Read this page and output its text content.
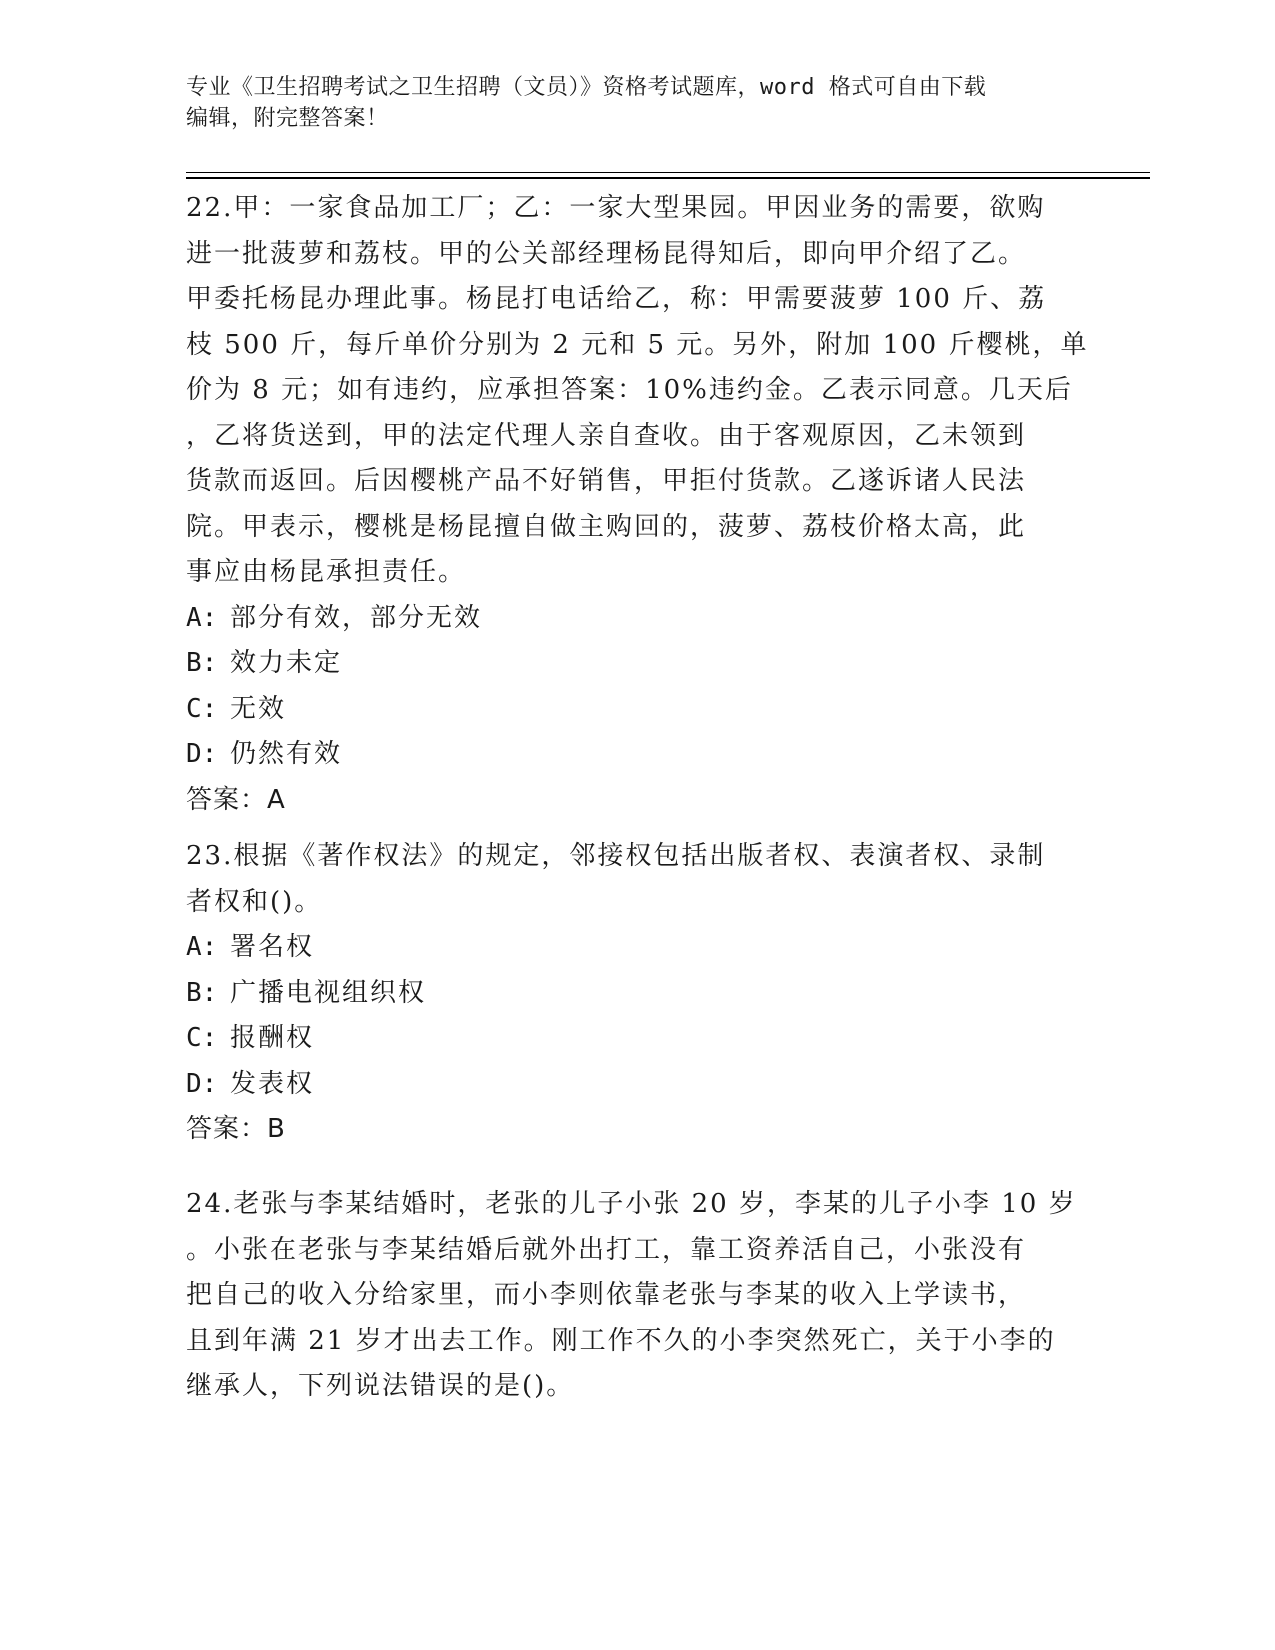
专业《卫生招聘考试之卫生招聘（文员）》资格考试题库，word 格式可自由下载
编辑，附完整答案！
22.甲：一家食品加工厂；乙：一家大型果园。甲因业务的需要，欲购
进一批菠萝和荔枝。甲的公关部经理杨昆得知后，即向甲介绍了乙。
甲委托杨昆办理此事。杨昆打电话给乙，称：甲需要菠萝 100 斤、荔
枝 500 斤，每斤单价分别为 2 元和 5 元。另外，附加 100 斤樱桃，单
价为 8 元；如有违约，应承担答案：10%违约金。乙表示同意。几天后
，乙将货送到，甲的法定代理人亲自查收。由于客观原因，乙未领到
货款而返回。后因樱桃产品不好销售，甲拒付货款。乙遂诉诸人民法
院。甲表示，樱桃是杨昆擅自做主购回的，菠萝、荔枝价格太高，此
事应由杨昆承担责任。
A: 部分有效，部分无效
B: 效力未定
C: 无效
D: 仍然有效
答案：A
23.根据《著作权法》的规定，邻接权包括出版者权、表演者权、录制
者权和()。
A: 署名权
B: 广播电视组织权
C: 报酬权
D: 发表权
答案：B
24.老张与李某结婚时，老张的儿子小张 20 岁，李某的儿子小李 10 岁
。小张在老张与李某结婚后就外出打工，靠工资养活自己，小张没有
把自己的收入分给家里，而小李则依靠老张与李某的收入上学读书，
且到年满 21 岁才出去工作。刚工作不久的小李突然死亡，关于小李的
继承人，下列说法错误的是()。
